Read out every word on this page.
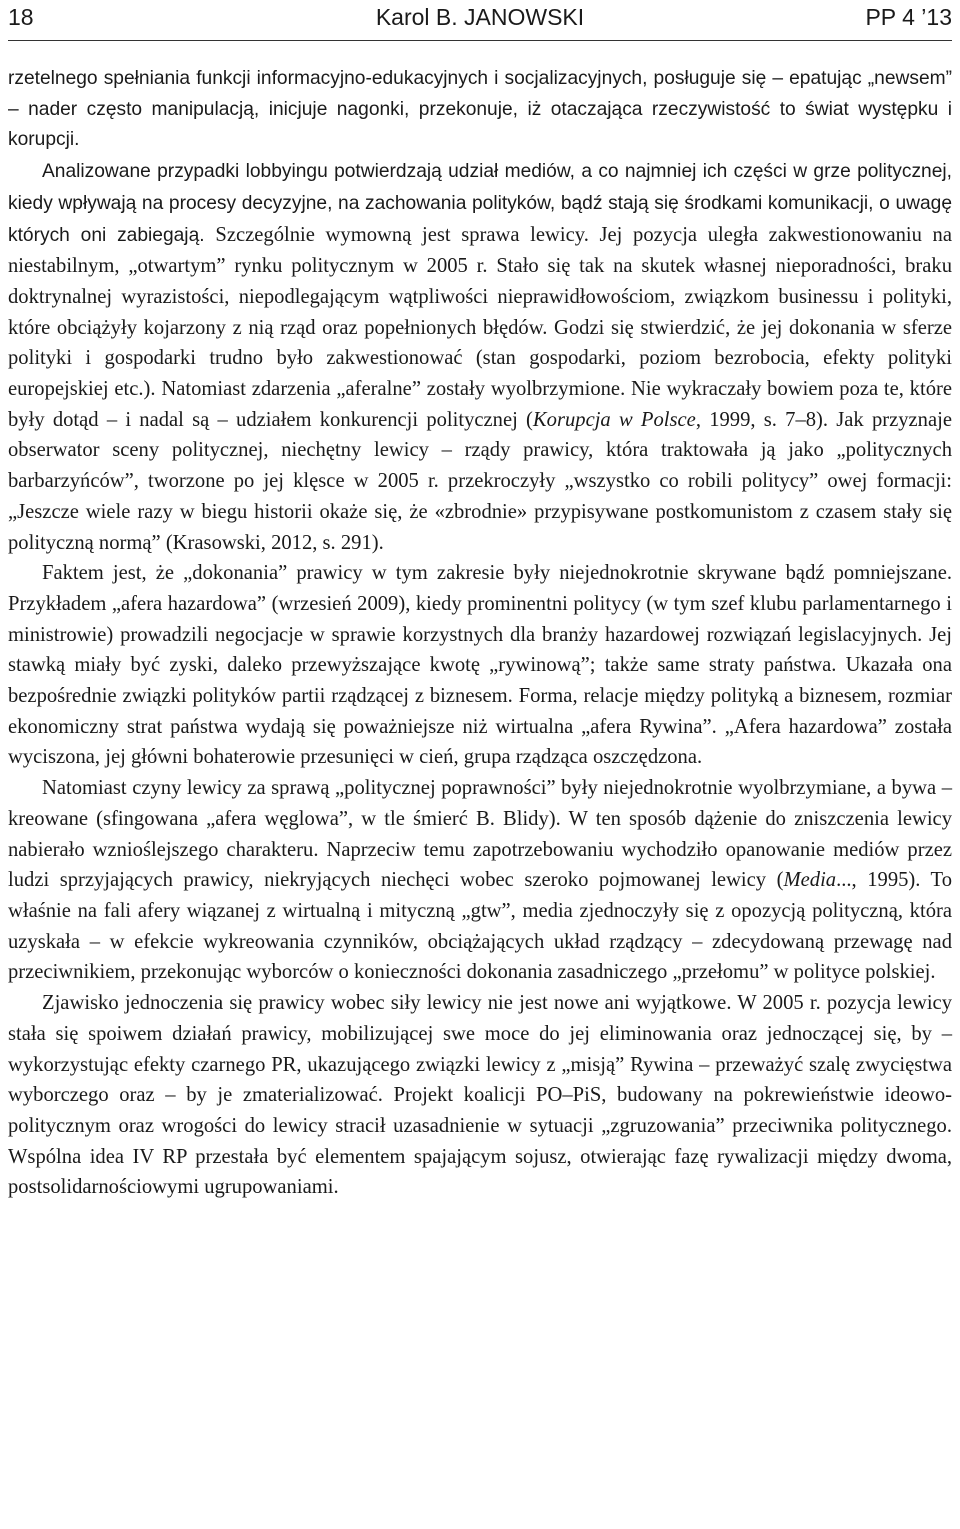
18	Karol B. JANOWSKI	PP 4 ’13

rzetelnego spełniania funkcji informacyjno-edukacyjnych i socjalizacyjnych, posługuje się – epatując „newsem” – nader często manipulacją, inicjuje nagonki, przekonuje, iż otaczająca rzeczywistość to świat występku i korupcji.

Analizowane przypadki lobbyingu potwierdzają udział mediów, a co najmniej ich części w grze politycznej, kiedy wpływają na procesy decyzyjne, na zachowania polityków, bądź stają się środkami komunikacji, o uwagę których oni zabiegają. Szczególnie wymowną jest sprawa lewicy. Jej pozycja uległa zakwestionowaniu na niestabilnym, „otwartym” rynku politycznym w 2005 r. Stało się tak na skutek własnej nieporadności, braku doktrynalnej wyrazistości, niepodlegającym wątpliwości nieprawidłowościom, związkom businessu i polityki, które obciążyły kojarzony z nią rząd oraz popełnionych błędów. Godzi się stwierdzić, że jej dokonania w sferze polityki i gospodarki trudno było zakwestionować (stan gospodarki, poziom bezrobocia, efekty polityki europejskiej etc.). Natomiast zdarzenia „aferalne” zostały wyolbrzymione. Nie wykraczały bowiem poza te, które były dotąd – i nadal są – udziałem konkurencji politycznej (Korupcja w Polsce, 1999, s. 7–8). Jak przyznaje obserwator sceny politycznej, niechętny lewicy – rządy prawicy, która traktowała ją jako „politycznych barbarzyńców”, tworzone po jej klęsce w 2005 r. przekroczyły „wszystko co robili politycy” owej formacji: „Jeszcze wiele razy w biegu historii okaże się, że «zbrodnie» przypisywane postkomunistom z czasem stały się polityczną normą” (Krasowski, 2012, s. 291).

Faktem jest, że „dokonania” prawicy w tym zakresie były niejednokrotnie skrywane bądź pomniejszane. Przykładem „afera hazardowa” (wrzesień 2009), kiedy prominentni politycy (w tym szef klubu parlamentarnego i ministrowie) prowadzili negocjacje w sprawie korzystnych dla branży hazardowej rozwiązań legislacyjnych. Jej stawką miały być zyski, daleko przewyższające kwotę „rywinową”; także same straty państwa. Ukazała ona bezpośrednie związki polityków partii rządzącej z biznesem. Forma, relacje między polityką a biznesem, rozmiar ekonomiczny strat państwa wydają się poważniejsze niż wirtualna „afera Rywina”. „Afera hazardowa” została wyciszona, jej główni bohaterowie przesunięci w cień, grupa rządząca oszczędzona.

Natomiast czyny lewicy za sprawą „politycznej poprawności” były niejednokrotnie wyolbrzymiane, a bywa – kreowane (sfingowana „afera węglowa”, w tle śmierć B. Blidy). W ten sposób dążenie do zniszczenia lewicy nabierało wznioślejszego charakteru. Naprzeciw temu zapotrzebowaniu wychodziło opanowanie mediów przez ludzi sprzyjających prawicy, niekryjących niechęci wobec szeroko pojmowanej lewicy (Media..., 1995). To właśnie na fali afery wiązanej z wirtualną i mityczną „gtw”, media zjednoczyły się z opozycją polityczną, która uzyskała – w efekcie wykreowania czynników, obciążających układ rządzący – zdecydowaną przewagę nad przeciwnikiem, przekonując wyborców o konieczności dokonania zasadniczego „przełomu” w polityce polskiej.

Zjawisko jednoczenia się prawicy wobec siły lewicy nie jest nowe ani wyjątkowe. W 2005 r. pozycja lewicy stała się spoiwem działań prawicy, mobilizującej swe moce do jej eliminowania oraz jednoczącej się, by – wykorzystując efekty czarnego PR, ukazującego związki lewicy z „misją” Rywina – przeważyć szalę zwycięstwa wyborczego oraz – by je zmaterializować. Projekt koalicji PO–PiS, budowany na pokrewieństwie ideowo-politycznym oraz wrogości do lewicy stracił uzasadnienie w sytuacji „zgruzowania” przeciwnika politycznego. Wspólna idea IV RP przestała być elementem spajającym sojusz, otwierając fazę rywalizacji między dwoma, postsolidarnościowymi ugrupowaniami.
